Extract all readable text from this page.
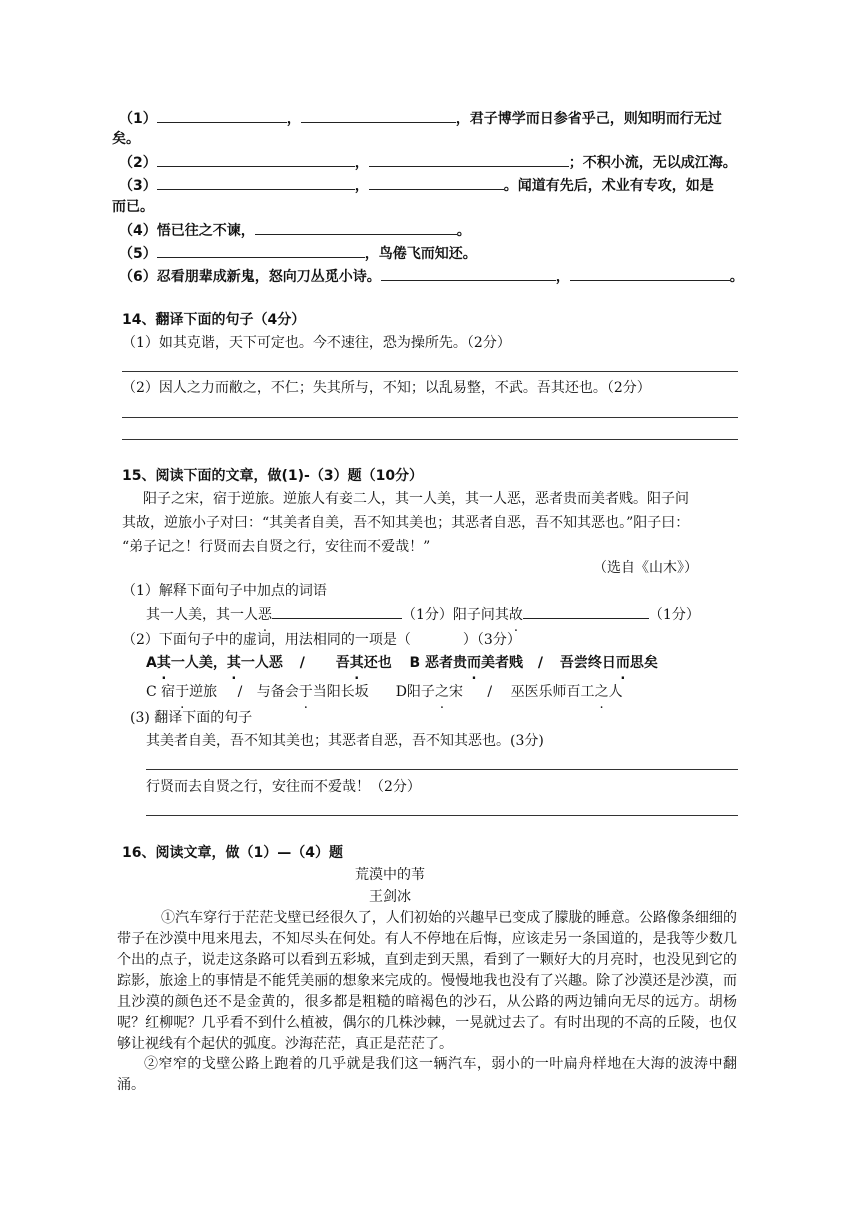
（1）	，	，君子博学而日参省乎己，则知明而行无过
矣。
（2）	，	；不积小流，无以成江海。
（3）	，	。闻道有先后，术业有专攻，如是
而已。
（4）悟已往之不谏，	。
（5）	，鸟倦飞而知还。
（6）忍看朋辈成新鬼，怒向刀丛觅小诗。	，	。
14、翻译下面的句子（4分）
（1）如其克谐，天下可定也。今不速往，恐为操所先。（2分）
（2）因人之力而敝之，不仁；失其所与，不知；以乱易整，不武。吾其还也。（2分）
15、阅读下面的文章，做(1)-（3）题（10分）
阳子之宋，宿于逆旅。逆旅人有妾二人，其一人美，其一人恶，恶者贵而美者贱。阳子问
其故，逆旅小子对曰：“其美者自美，吾不知其美也；其恶者自恶，吾不知其恶也。”阳子曰：
“弟子记之！行贤而去自贤之行，安往而不爱哉！”
（选自《山木》）
（1）解释下面句子中加点的词语
其一人美，其一人恶	（1分）阳子问其故	（1分）
（2）下面句子中的虚词，用法相同的一项是（	）（3分）
A其一人美，其一人恶 / 吾其还也 B 恶者贵而美者贱 / 吾尝终日而思矣
C 宿于逆旅 / 与备会于当阳长坂 D阳子之宋 / 巫医乐师百工之人
(3) 翻译下面的句子
其美者自美，吾不知其美也；其恶者自恶，吾不知其恶也。(3分)
行贤而去自贤之行，安往而不爱哉！（2分）
16、阅读文章，做（1）—（4）题
荒漠中的苇
王剑冰

①汽车穿行于茫茫戈壁已经很久了，人们初始的兴趣早已变成了朦胧的睡意。公路像条细细的带子在沙漠中甩来甩去，不知尽头在何处。有人不停地在后悔，应该走另一条国道的，是我等少数几个出的点子，说走这条路可以看到五彩城，直到走到天黑，看到了一颗好大的月亮时，也没见到它的踪影，旅途上的事情是不能凭美丽的想象来完成的。慢慢地我也没有了兴趣。除了沙漠还是沙漠，而且沙漠的颜色还不是金黄的，很多都是粗糙的暗褐色的沙石，从公路的两边铺向无尽的远方。胡杨呢？红柳呢？几乎看不到什么植被，偶尔的几株沙棘，一晃就过去了。有时出现的不高的丘陵，也仅够让视线有个起伏的弧度。沙海茫茫，真正是茫茫了。

②窄窄的戈壁公路上跑着的几乎就是我们这一辆汽车，弱小的一叶扁舟样地在大海的波涛中翻涌。
